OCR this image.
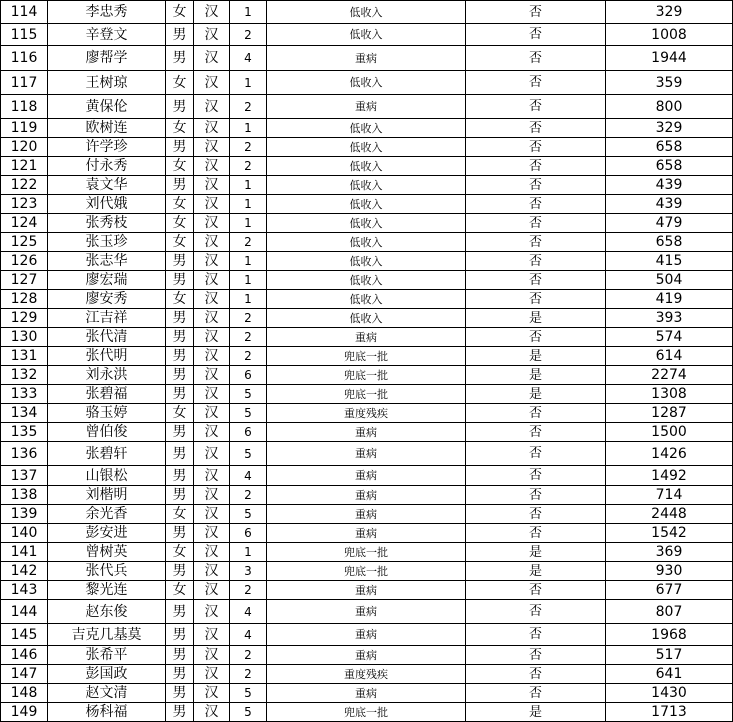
114	李忠秀	女	汉	1	低收入	否	329
115	辛登文	男	汉	2	低收入	否	1008
116	廖帮学	男	汉	4	重病	否	1944
117	王树琼	女	汉	1	低收入	否	359
118	黄保伦	男	汉	2	重病	否	800
119	欧树连	女	汉	1	低收入	否	329
120	许学珍	男	汉	2	低收入	否	658
121	付永秀	女	汉	2	低收入	否	658
122	袁文华	男	汉	1	低收入	否	439
123	刘代娥	女	汉	1	低收入	否	439
124	张秀枝	女	汉	1	低收入	否	479
125	张玉珍	女	汉	2	低收入	否	658
126	张志华	男	汉	1	低收入	否	415
127	廖宏瑞	男	汉	1	低收入	否	504
128	廖安秀	女	汉	1	低收入	否	419
129	江吉祥	男	汉	2	低收入	是	393
130	张代清	男	汉	2	重病	否	574
131	张代明	男	汉	2	兜底一批	是	614
132	刘永洪	男	汉	6	兜底一批	是	2274
133	张碧福	男	汉	5	兜底一批	是	1308
134	骆玉婷	女	汉	5	重度残疾	否	1287
135	曾伯俊	男	汉	6	重病	否	1500
136	张碧轩	男	汉	5	重病	否	1426
137	山银松	男	汉	4	重病	否	1492
138	刘楷明	男	汉	2	重病	否	714
139	余光香	女	汉	5	重病	否	2448
140	彭安进	男	汉	6	重病	否	1542
141	曾树英	女	汉	1	兜底一批	是	369
142	张代兵	男	汉	3	兜底一批	是	930
143	黎光连	女	汉	2	重病	否	677
144	赵东俊	男	汉	4	重病	否	807
145	吉克几基莫	男	汉	4	重病	否	1968
146	张希平	男	汉	2	重病	否	517
147	彭国政	男	汉	2	重度残疾	否	641
148	赵文清	男	汉	5	重病	否	1430
149	杨科福	男	汉	5	兜底一批	是	1713
